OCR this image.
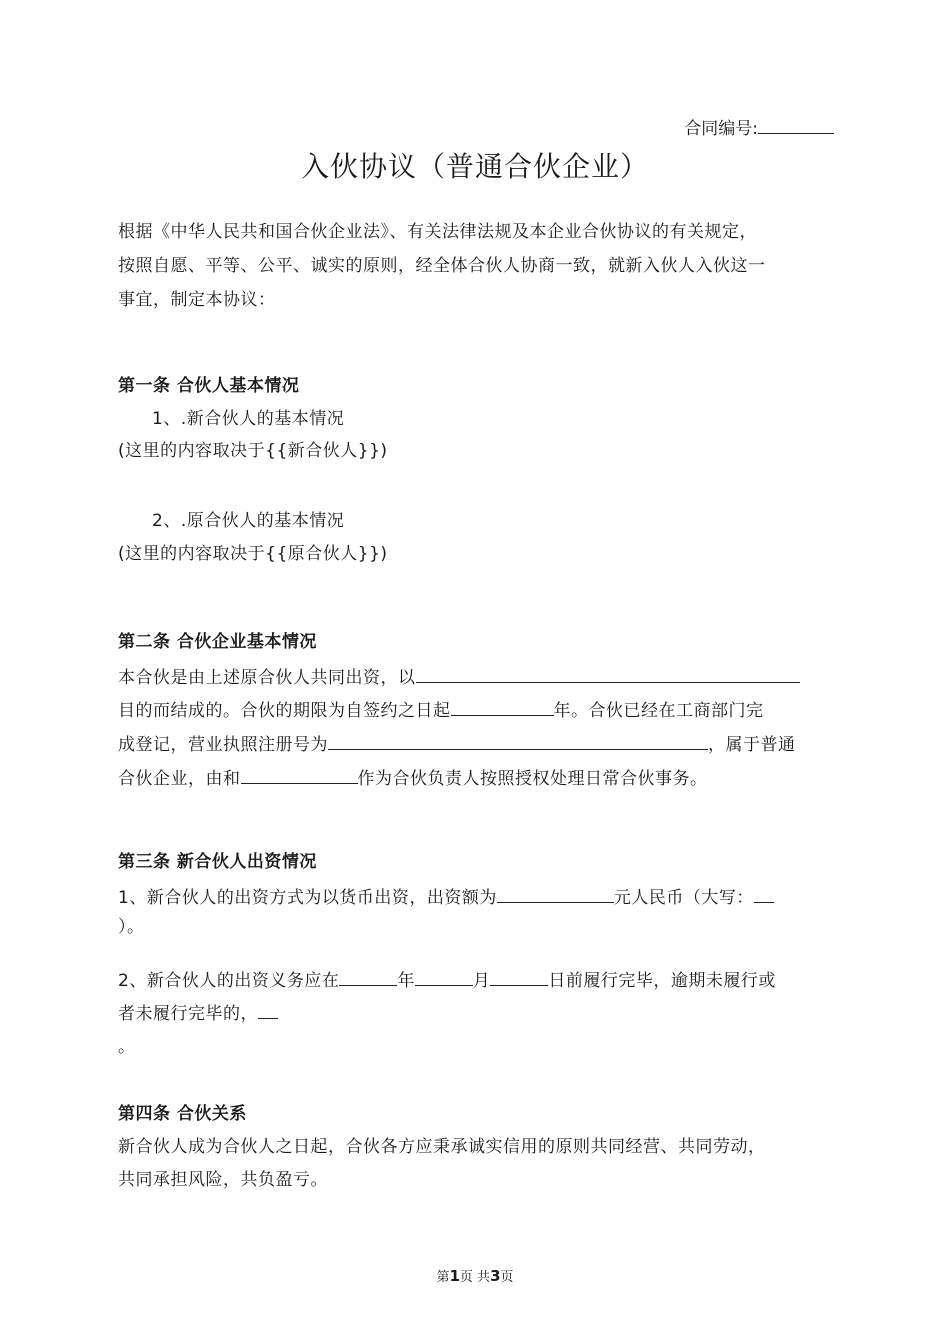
合同编号:
入伙协议（普通合伙企业）
根据《中华人民共和国合伙企业法》、有关法律法规及本企业合伙协议的有关规定，
按照自愿、平等、公平、诚实的原则，经全体合伙人协商一致，就新入伙人入伙这一
事宜，制定本协议：
第一条 合伙人基本情况
1、.新合伙人的基本情况
(这里的内容取决于{{新合伙人}})
2、.原合伙人的基本情况
(这里的内容取决于{{原合伙人}})
第二条 合伙企业基本情况
本合伙是由上述原合伙人共同出资，以
目的而结成的。合伙的期限为自签约之日起	年。合伙已经在工商部门完
成登记，营业执照注册号为	，属于普通
合伙企业，由和	作为合伙负责人按照授权处理日常合伙事务。
第三条 新合伙人出资情况
1、新合伙人的出资方式为以货币出资，出资额为	元人民币（大写：
）。
2、新合伙人的出资义务应在	年	月	日前履行完毕，逾期未履行或
者未履行完毕的，
。
第四条 合伙关系
新合伙人成为合伙人之日起，合伙各方应秉承诚实信用的原则共同经营、共同劳动，
共同承担风险，共负盈亏。
第1页 共3页
